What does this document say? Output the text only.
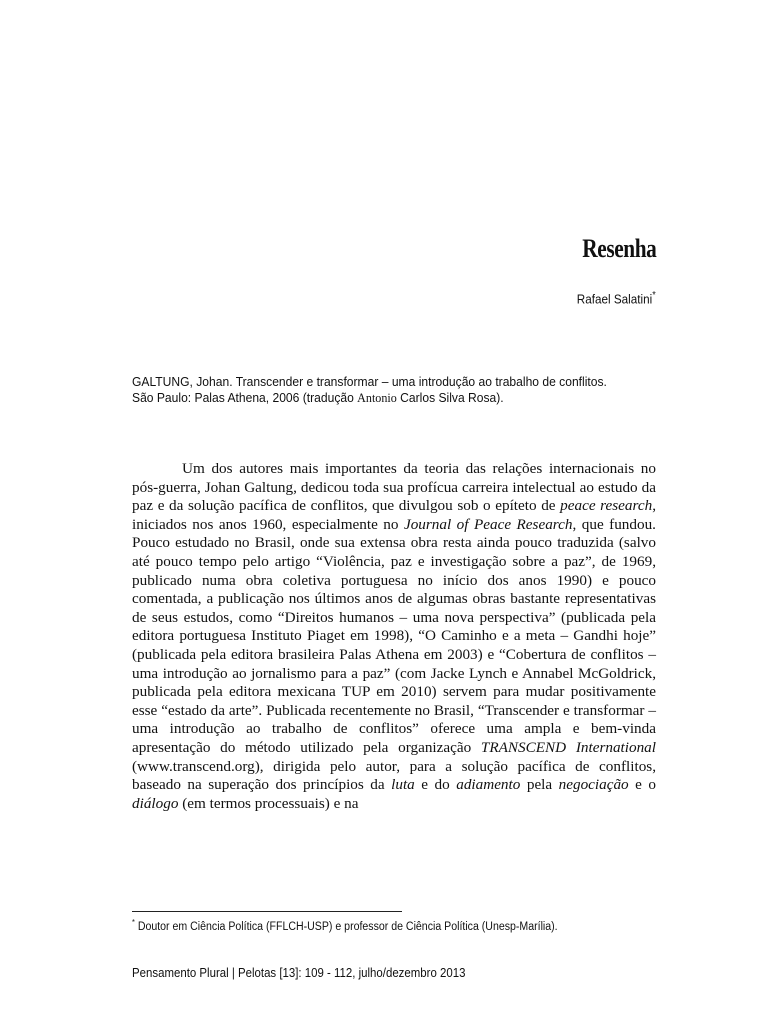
Resenha
Rafael Salatini*
GALTUNG, Johan. Transcender e transformar – uma introdução ao trabalho de conflitos.
São Paulo: Palas Athena, 2006 (tradução Antonio Carlos Silva Rosa).

Um dos autores mais importantes da teoria das relações internacionais no pós-guerra, Johan Galtung, dedicou toda sua profícua carreira intelectual ao estudo da paz e da solução pacífica de conflitos, que divulgou sob o epíteto de peace research, iniciados nos anos 1960, especialmente no Journal of Peace Research, que fundou. Pouco estudado no Brasil, onde sua extensa obra resta ainda pouco traduzida (salvo até pouco tempo pelo artigo “Violência, paz e investigação sobre a paz”, de 1969, publicado numa obra coletiva portuguesa no início dos anos 1990) e pouco comentada, a publicação nos últimos anos de algumas obras bastante representativas de seus estudos, como “Direitos humanos – uma nova perspectiva” (publicada pela editora portuguesa Instituto Piaget em 1998), “O Caminho e a meta – Gandhi hoje” (publicada pela editora brasileira Palas Athena em 2003) e “Cobertura de conflitos – uma introdução ao jornalismo para a paz” (com Jacke Lynch e Annabel McGoldrick, publicada pela editora mexicana TUP em 2010) servem para mudar positivamente esse “estado da arte”. Publicada recentemente no Brasil, “Transcender e transformar – uma introdução ao trabalho de conflitos” oferece uma ampla e bem-vinda apresentação do método utilizado pela organização TRANSCEND International (www.transcend.org), dirigida pelo autor, para a solução pacífica de conflitos, baseado na superação dos princípios da luta e do adiamento pela negociação e o diálogo (em termos processuais) e na

* Doutor em Ciência Política (FFLCH-USP) e professor de Ciência Política (Unesp-Marília).
Pensamento Plural | Pelotas [13]: 109 - 112, julho/dezembro 2013
